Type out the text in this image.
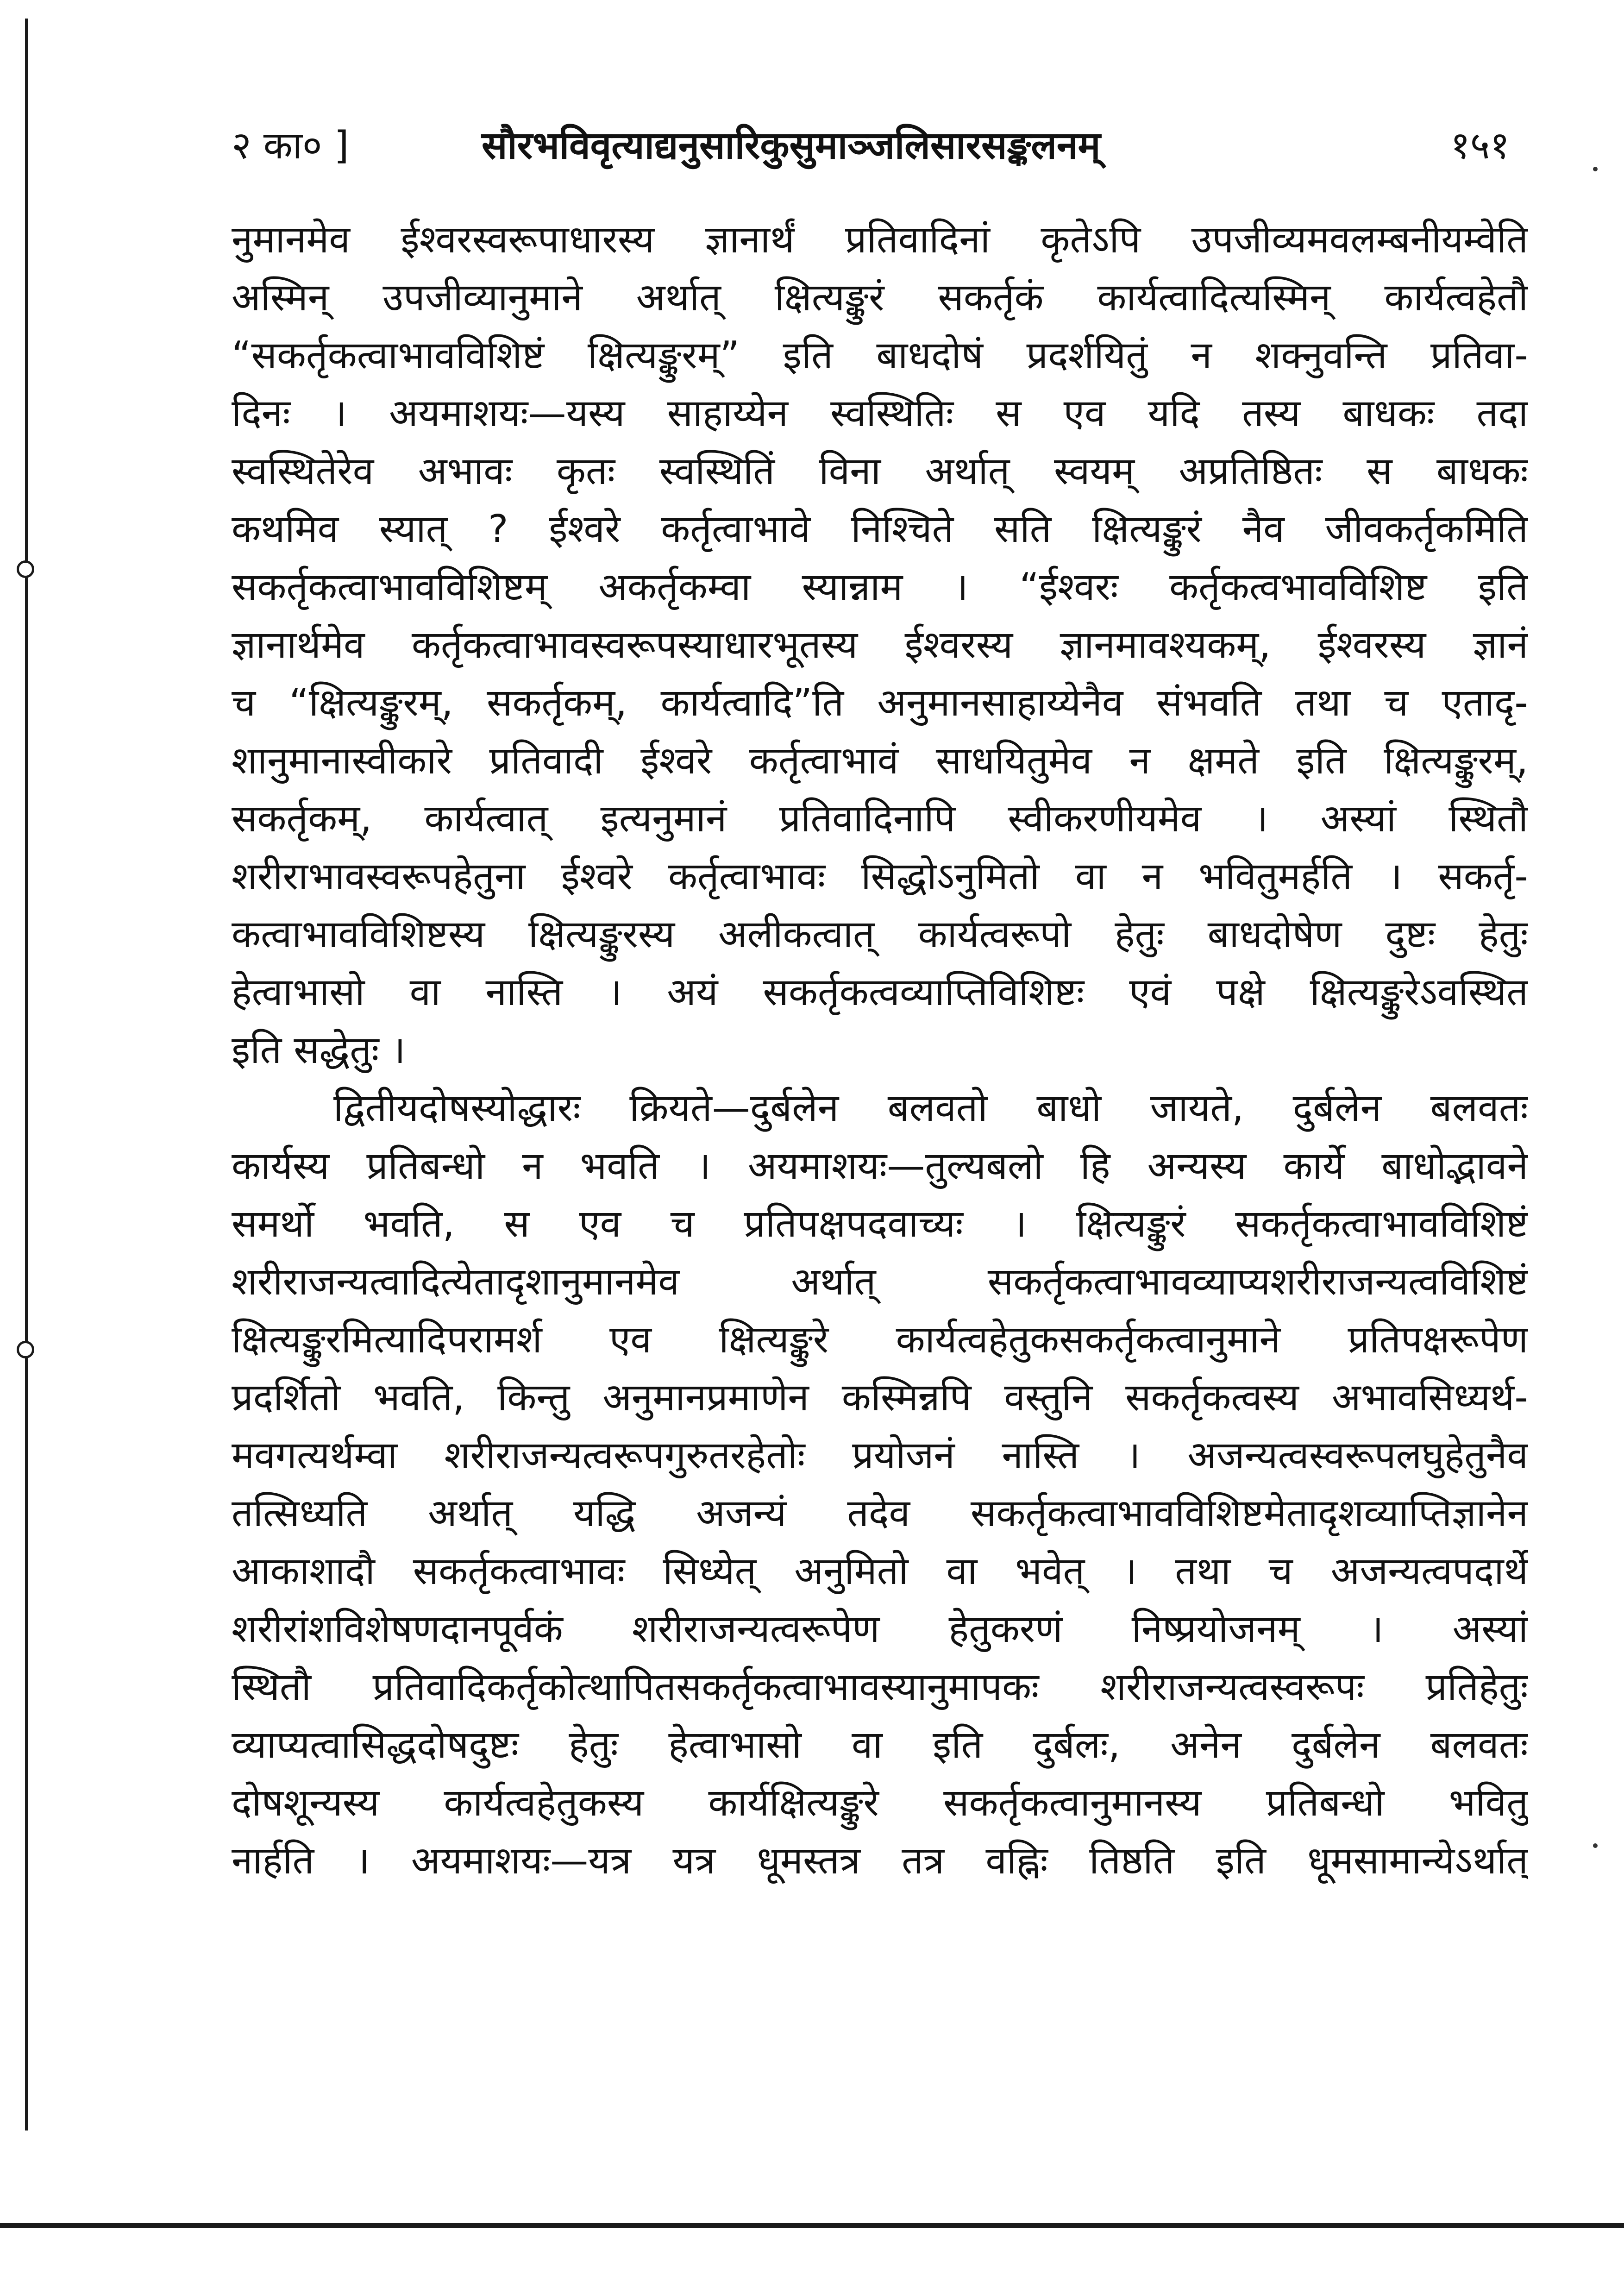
२ का० ]	सौरभविवृत्याद्यनुसारिकुसुमाञ्जलिसारसङ्कलनम्	१५१
नुमानमेव ईश्वरस्वरूपाधारस्य ज्ञानार्थं प्रतिवादिनां कृतेऽपि उपजीव्यमवलम्बनीयम्वेति
अस्मिन् उपजीव्यानुमाने अर्थात् क्षित्यङ्कुरं सकर्तृकं कार्यत्वादित्यस्मिन् कार्यत्वहेतौ
“सकर्तृकत्वाभावविशिष्टं क्षित्यङ्कुरम्” इति बाधदोषं प्रदर्शयितुं न शक्नुवन्ति प्रतिवा-
दिनः । अयमाशयः—यस्य साहाय्येन स्वस्थितिः स एव यदि तस्य बाधकः तदा
स्वस्थितेरेव अभावः कृतः स्वस्थितिं विना अर्थात् स्वयम् अप्रतिष्ठितः स बाधकः
कथमिव स्यात् ? ईश्वरे कर्तृत्वाभावे निश्चिते सति क्षित्यङ्कुरं नैव जीवकर्तृकमिति
सकर्तृकत्वाभावविशिष्टम् अकर्तृकम्वा स्यान्नाम । “ईश्वरः कर्तृकत्वभावविशिष्ट इति
ज्ञानार्थमेव कर्तृकत्वाभावस्वरूपस्याधारभूतस्य ईश्वरस्य ज्ञानमावश्यकम्, ईश्वरस्य ज्ञानं
च “क्षित्यङ्कुरम्, सकर्तृकम्, कार्यत्वादि”ति अनुमानसाहाय्येनैव संभवति तथा च एतादृ-
शानुमानास्वीकारे प्रतिवादी ईश्वरे कर्तृत्वाभावं साधयितुमेव न क्षमते इति क्षित्यङ्कुरम्,
सकर्तृकम्, कार्यत्वात् इत्यनुमानं प्रतिवादिनापि स्वीकरणीयमेव । अस्यां स्थितौ
शरीराभावस्वरूपहेतुना ईश्वरे कर्तृत्वाभावः सिद्धोऽनुमितो वा न भवितुमर्हति । सकर्तृ-
कत्वाभावविशिष्टस्य क्षित्यङ्कुरस्य अलीकत्वात् कार्यत्वरूपो हेतुः बाधदोषेण दुष्टः हेतुः
हेत्वाभासो वा नास्ति । अयं सकर्तृकत्वव्याप्तिविशिष्टः एवं पक्षे क्षित्यङ्कुरेऽवस्थित
इति सद्धेतुः ।
द्वितीयदोषस्योद्धारः क्रियते—दुर्बलेन बलवतो बाधो जायते, दुर्बलेन बलवतः
कार्यस्य प्रतिबन्धो न भवति । अयमाशयः—तुल्यबलो हि अन्यस्य कार्ये बाधोद्भावने
समर्थो भवति, स एव च प्रतिपक्षपदवाच्यः । क्षित्यङ्कुरं सकर्तृकत्वाभावविशिष्टं
शरीराजन्यत्वादित्येतादृशानुमानमेव अर्थात् सकर्तृकत्वाभावव्याप्यशरीराजन्यत्वविशिष्टं
क्षित्यङ्कुरमित्यादिपरामर्श एव क्षित्यङ्कुरे कार्यत्वहेतुकसकर्तृकत्वानुमाने प्रतिपक्षरूपेण
प्रदर्शितो भवति, किन्तु अनुमानप्रमाणेन कस्मिन्नपि वस्तुनि सकर्तृकत्वस्य अभावसिध्यर्थ-
मवगत्यर्थम्वा शरीराजन्यत्वरूपगुरुतरहेतोः प्रयोजनं नास्ति । अजन्यत्वस्वरूपलघुहेतुनैव
तत्सिध्यति अर्थात् यद्धि अजन्यं तदेव सकर्तृकत्वाभावविशिष्टमेतादृशव्याप्तिज्ञानेन
आकाशादौ सकर्तृकत्वाभावः सिध्येत् अनुमितो वा भवेत् । तथा च अजन्यत्वपदार्थे
शरीरांशविशेषणदानपूर्वकं शरीराजन्यत्वरूपेण हेतुकरणं निष्प्रयोजनम् । अस्यां
स्थितौ प्रतिवादिकर्तृकोत्थापितसकर्तृकत्वाभावस्यानुमापकः शरीराजन्यत्वस्वरूपः प्रतिहेतुः
व्याप्यत्वासिद्धदोषदुष्टः हेतुः हेत्वाभासो वा इति दुर्बलः, अनेन दुर्बलेन बलवतः
दोषशून्यस्य कार्यत्वहेतुकस्य कार्यक्षित्यङ्कुरे सकर्तृकत्वानुमानस्य प्रतिबन्धो भवितु
नार्हति । अयमाशयः—यत्र यत्र धूमस्तत्र तत्र वह्निः तिष्ठति इति धूमसामान्येऽर्थात्
